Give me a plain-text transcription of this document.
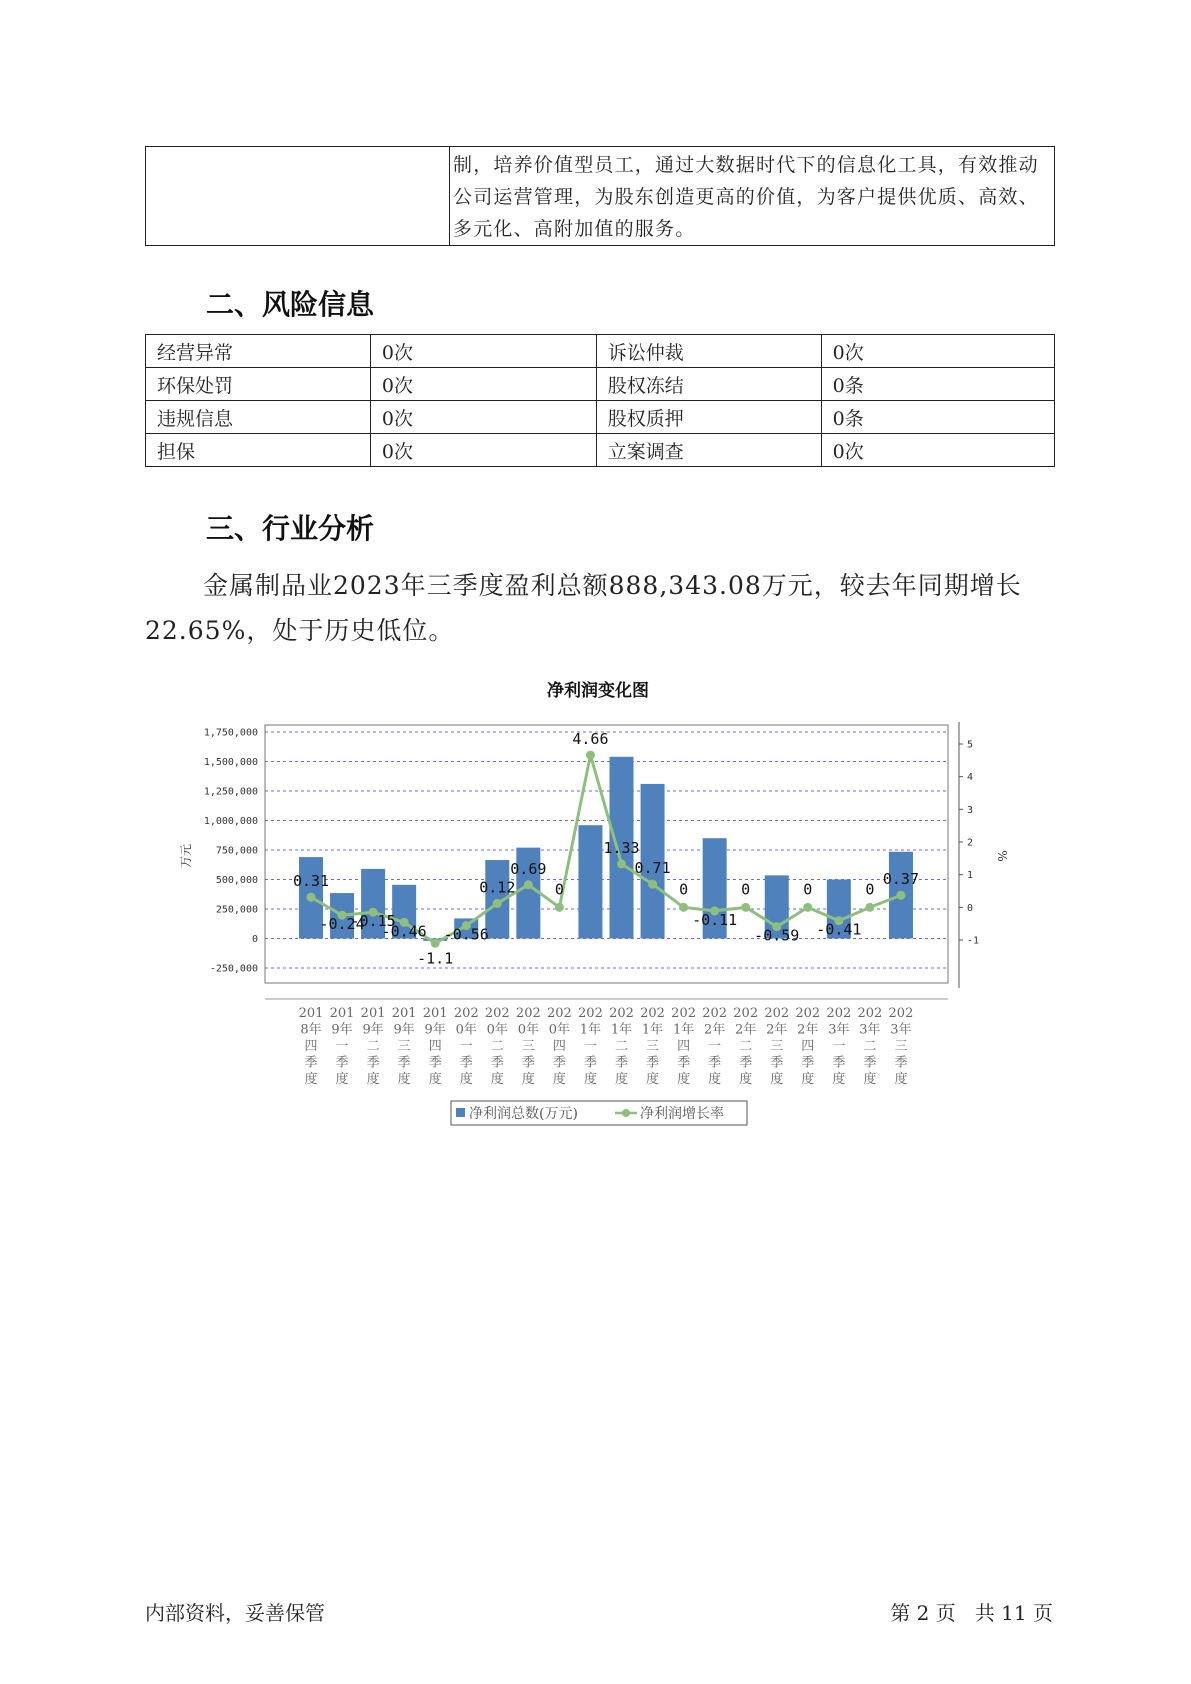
	制，培养价值型员工，通过大数据时代下的信息化工具，有效推动公司运营管理，为股东创造更高的价值，为客户提供优质、高效、多元化、高附加值的服务。
二、风险信息
经营异常	0次	诉讼仲裁	0次
环保处罚	0次	股权冻结	0条
违规信息	0次	股权质押	0条
担保	0次	立案调查	0次
三、行业分析
金属制品业2023年三季度盈利总额888,343.08万元，较去年同期增长22.65%，处于历史低位。
净利润变化图
万元	%
1,750,000
1,500,000
1,250,000
1,000,000
750,000
500,000
250,000
0
-250,000
5
4
3
2
1
0
-1
0.31
-0.24
-0.15
-0.46
-1.1
-0.56
0.12
0.69
0
4.66
1.33
0.71
0
-0.11
0
-0.59
0
-0.41
0
0.37
201
8年
四
季
度
201
9年
一
季
度
201
9年
二
季
度
201
9年
三
季
度
201
9年
四
季
度
202
0年
一
季
度
202
0年
二
季
度
202
0年
三
季
度
202
0年
四
季
度
202
1年
一
季
度
202
1年
二
季
度
202
1年
三
季
度
202
1年
四
季
度
202
2年
一
季
度
202
2年
二
季
度
202
2年
三
季
度
202
2年
四
季
度
202
3年
一
季
度
202
3年
二
季
度
202
3年
三
季
度
净利润总数(万元)	净利润增长率
内部资料，妥善保管	第 2 页   共 11 页
